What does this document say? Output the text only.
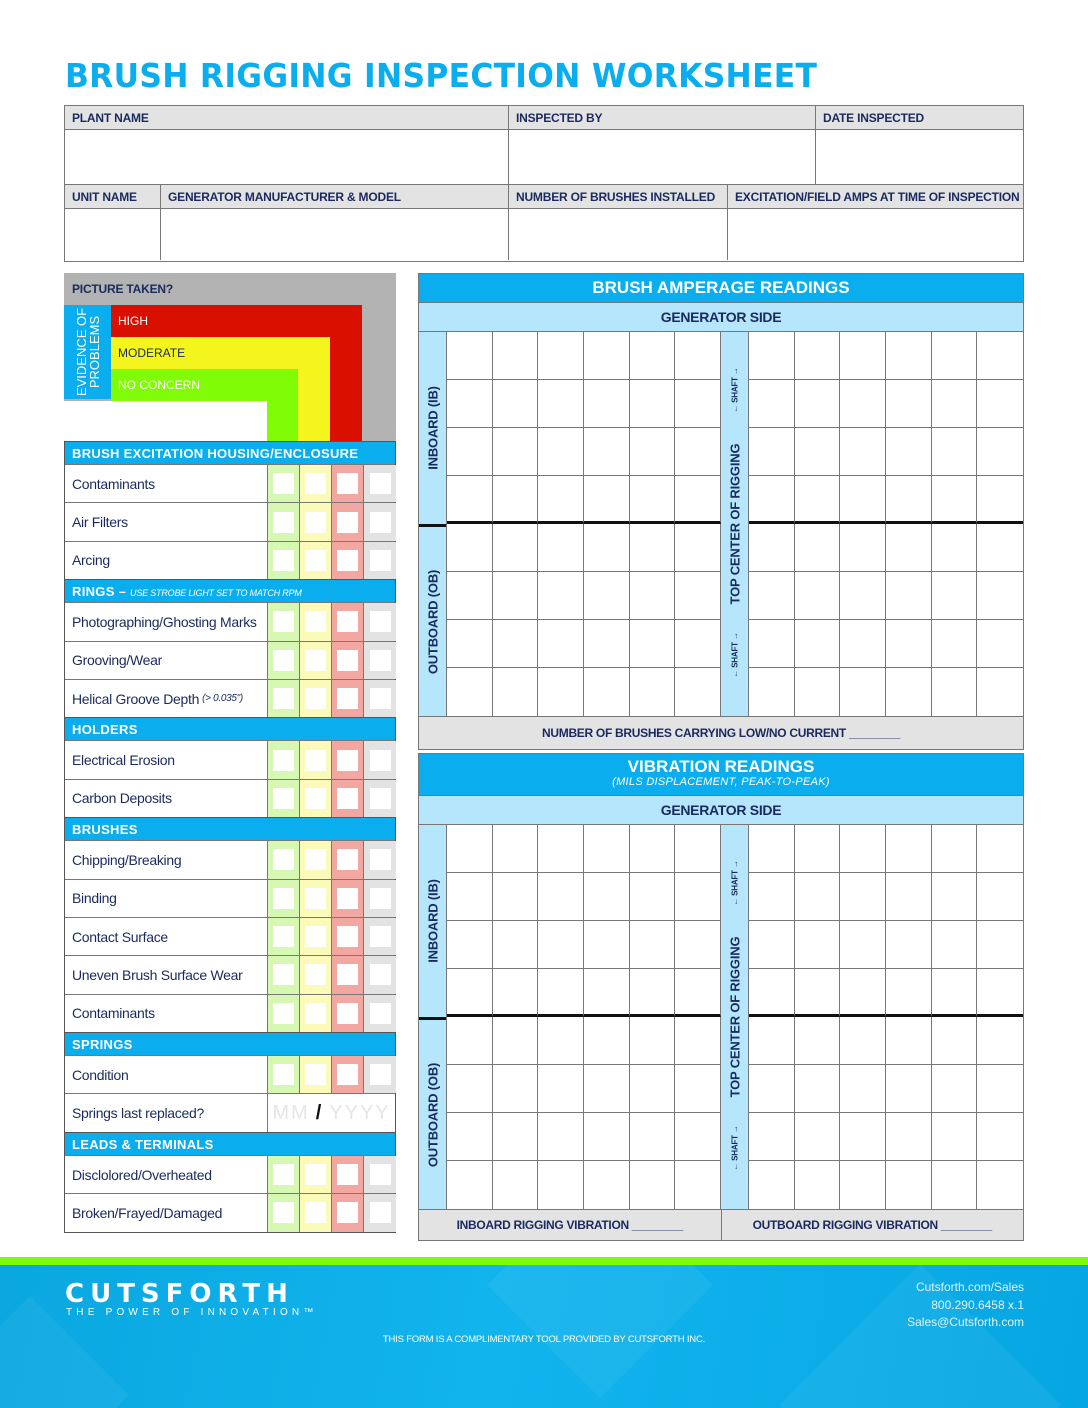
BRUSH RIGGING INSPECTION WORKSHEET
PLANT NAME	INSPECTED BY	DATE INSPECTED
UNIT NAME	GENERATOR MANUFACTURER & MODEL	NUMBER OF BRUSHES INSTALLED	EXCITATION/FIELD AMPS AT TIME OF INSPECTION
PICTURE TAKEN?
HIGH
MODERATE
NO CONCERN
EVIDENCE OF
PROBLEMS
BRUSH EXCITATION HOUSING/ENCLOSURE
Contaminants
Air Filters
Arcing
RINGS – USE STROBE LIGHT SET TO MATCH RPM
Photographing/Ghosting Marks
Grooving/Wear
Helical Groove Depth (> 0.035")
HOLDERS
Electrical Erosion
Carbon Deposits
BRUSHES
Chipping/Breaking
Binding
Contact Surface
Uneven Brush Surface Wear
Contaminants
SPRINGS
Condition
Springs last replaced?	MM / YYYY
LEADS & TERMINALS
Disclolored/Overheated
Broken/Frayed/Damaged
BRUSH AMPERAGE READINGS
GENERATOR SIDE
INBOARD (IB)
OUTBOARD (OB)
← SHAFT →
TOP CENTER OF RIGGING
← SHAFT →
NUMBER OF BRUSHES CARRYING LOW/NO CURRENT ________
VIBRATION READINGS
(MILS DISPLACEMENT, PEAK-TO-PEAK)
GENERATOR SIDE
INBOARD (IB)
OUTBOARD (OB)
← SHAFT →
TOP CENTER OF RIGGING
← SHAFT →
INBOARD RIGGING VIBRATION ________	OUTBOARD RIGGING VIBRATION ________
CUTSFORTH
THE POWER OF INNOVATION™
THIS FORM IS A COMPLIMENTARY TOOL PROVIDED BY CUTSFORTH INC.
Cutsforth.com/Sales
800.290.6458 x.1
Sales@Cutsforth.com
